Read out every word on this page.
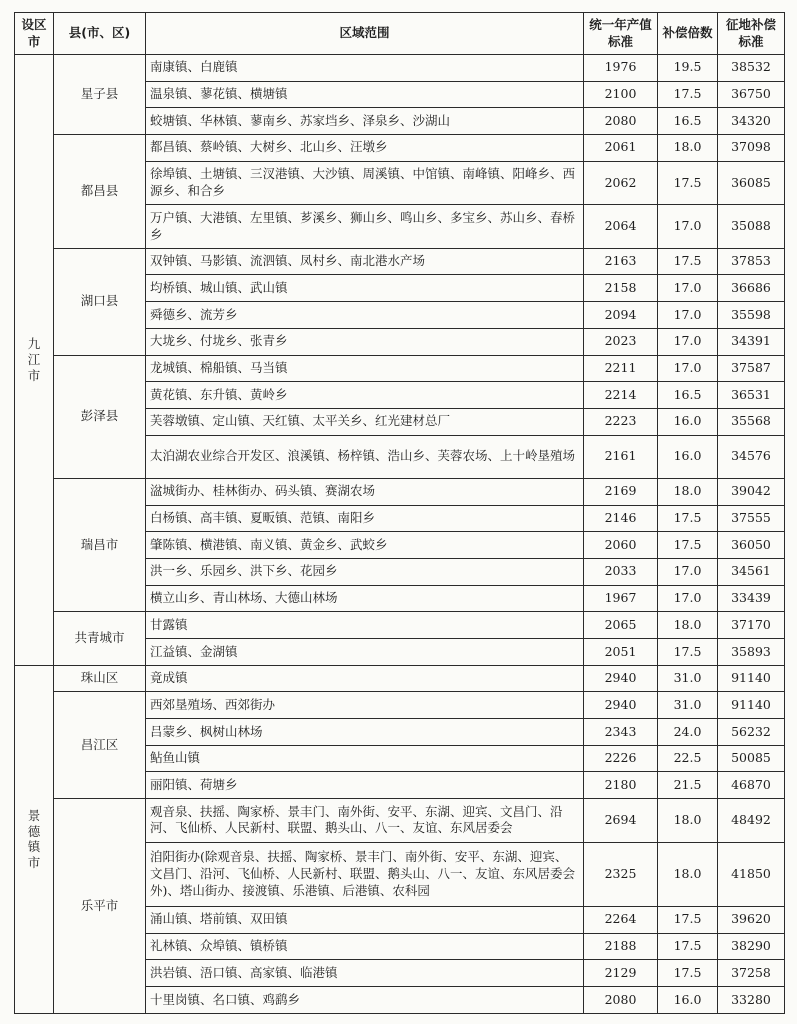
设区市	县(市、区)	区域范围	统一年产值标准	补偿倍数	征地补偿标准

九江市	星子县	南康镇、白鹿镇	1976	19.5	38532
		温泉镇、蓼花镇、横塘镇	2100	17.5	36750
		蛟塘镇、华林镇、蓼南乡、苏家垱乡、泽泉乡、沙湖山	2080	16.5	34320
	都昌县	都昌镇、蔡岭镇、大树乡、北山乡、汪墩乡	2061	18.0	37098
		徐埠镇、土塘镇、三汊港镇、大沙镇、周溪镇、中馆镇、南峰镇、阳峰乡、西源乡、和合乡	2062	17.5	36085
		万户镇、大港镇、左里镇、芗溪乡、狮山乡、鸣山乡、多宝乡、苏山乡、春桥乡	2064	17.0	35088
	湖口县	双钟镇、马影镇、流泗镇、凤村乡、南北港水产场	2163	17.5	37853
		均桥镇、城山镇、武山镇	2158	17.0	36686
		舜德乡、流芳乡	2094	17.0	35598
		大垅乡、付垅乡、张青乡	2023	17.0	34391
	彭泽县	龙城镇、棉船镇、马当镇	2211	17.0	37587
		黄花镇、东升镇、黄岭乡	2214	16.5	36531
		芙蓉墩镇、定山镇、天红镇、太平关乡、红光建材总厂	2223	16.0	35568
		太泊湖农业综合开发区、浪溪镇、杨梓镇、浩山乡、芙蓉农场、上十岭垦殖场	2161	16.0	34576
	瑞昌市	湓城街办、桂林街办、码头镇、赛湖农场	2169	18.0	39042
		白杨镇、高丰镇、夏畈镇、范镇、南阳乡	2146	17.5	37555
		肇陈镇、横港镇、南义镇、黄金乡、武蛟乡	2060	17.5	36050
		洪一乡、乐园乡、洪下乡、花园乡	2033	17.0	34561
		横立山乡、青山林场、大德山林场	1967	17.0	33439
	共青城市	甘露镇	2065	18.0	37170
		江益镇、金湖镇	2051	17.5	35893

景德镇市	珠山区	竟成镇	2940	31.0	91140
	昌江区	西郊垦殖场、西郊街办	2940	31.0	91140
		吕蒙乡、枫树山林场	2343	24.0	56232
		鲇鱼山镇	2226	22.5	50085
		丽阳镇、荷塘乡	2180	21.5	46870
	乐平市	观音泉、扶摇、陶家桥、景丰门、南外街、安平、东湖、迎宾、文昌门、沿河、飞仙桥、人民新村、联盟、鹅头山、八一、友谊、东风居委会	2694	18.0	48492
		洎阳街办(除观音泉、扶摇、陶家桥、景丰门、南外街、安平、东湖、迎宾、文昌门、沿河、飞仙桥、人民新村、联盟、鹅头山、八一、友谊、东风居委会外)、塔山街办、接渡镇、乐港镇、后港镇、农科园	2325	18.0	41850
		涌山镇、塔前镇、双田镇	2264	17.5	39620
		礼林镇、众埠镇、镇桥镇	2188	17.5	38290
		洪岩镇、浯口镇、高家镇、临港镇	2129	17.5	37258
		十里岗镇、名口镇、鸡鹞乡	2080	16.0	33280
